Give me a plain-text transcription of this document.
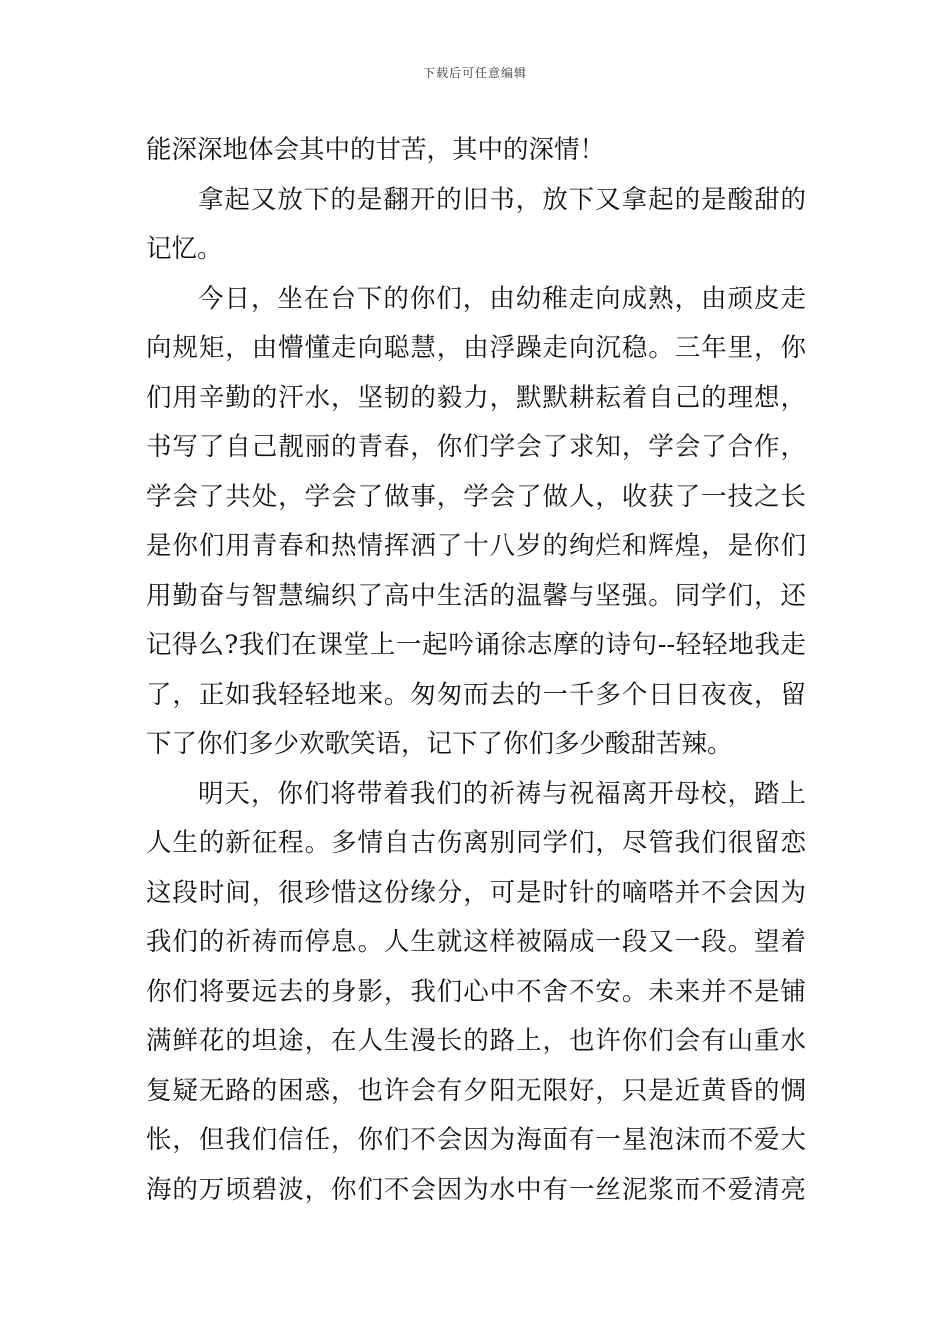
下载后可任意编辑
能深深地体会其中的甘苦，其中的深情！
拿起又放下的是翻开的旧书，放下又拿起的是酸甜的
记忆。
今日，坐在台下的你们，由幼稚走向成熟，由顽皮走
向规矩，由懵懂走向聪慧，由浮躁走向沉稳。三年里，你
们用辛勤的汗水，坚韧的毅力，默默耕耘着自己的理想，
书写了自己靓丽的青春，你们学会了求知，学会了合作，
学会了共处，学会了做事，学会了做人，收获了一技之长
是你们用青春和热情挥洒了十八岁的绚烂和辉煌，是你们
用勤奋与智慧编织了高中生活的温馨与坚强。同学们，还
记得么?我们在课堂上一起吟诵徐志摩的诗句--轻轻地我走
了，正如我轻轻地来。匆匆而去的一千多个日日夜夜，留
下了你们多少欢歌笑语，记下了你们多少酸甜苦辣。
明天，你们将带着我们的祈祷与祝福离开母校，踏上
人生的新征程。多情自古伤离别同学们，尽管我们很留恋
这段时间，很珍惜这份缘分，可是时针的嘀嗒并不会因为
我们的祈祷而停息。人生就这样被隔成一段又一段。望着
你们将要远去的身影，我们心中不舍不安。未来并不是铺
满鲜花的坦途，在人生漫长的路上，也许你们会有山重水
复疑无路的困惑，也许会有夕阳无限好，只是近黄昏的惆
怅，但我们信任，你们不会因为海面有一星泡沫而不爱大
海的万顷碧波，你们不会因为水中有一丝泥浆而不爱清亮
